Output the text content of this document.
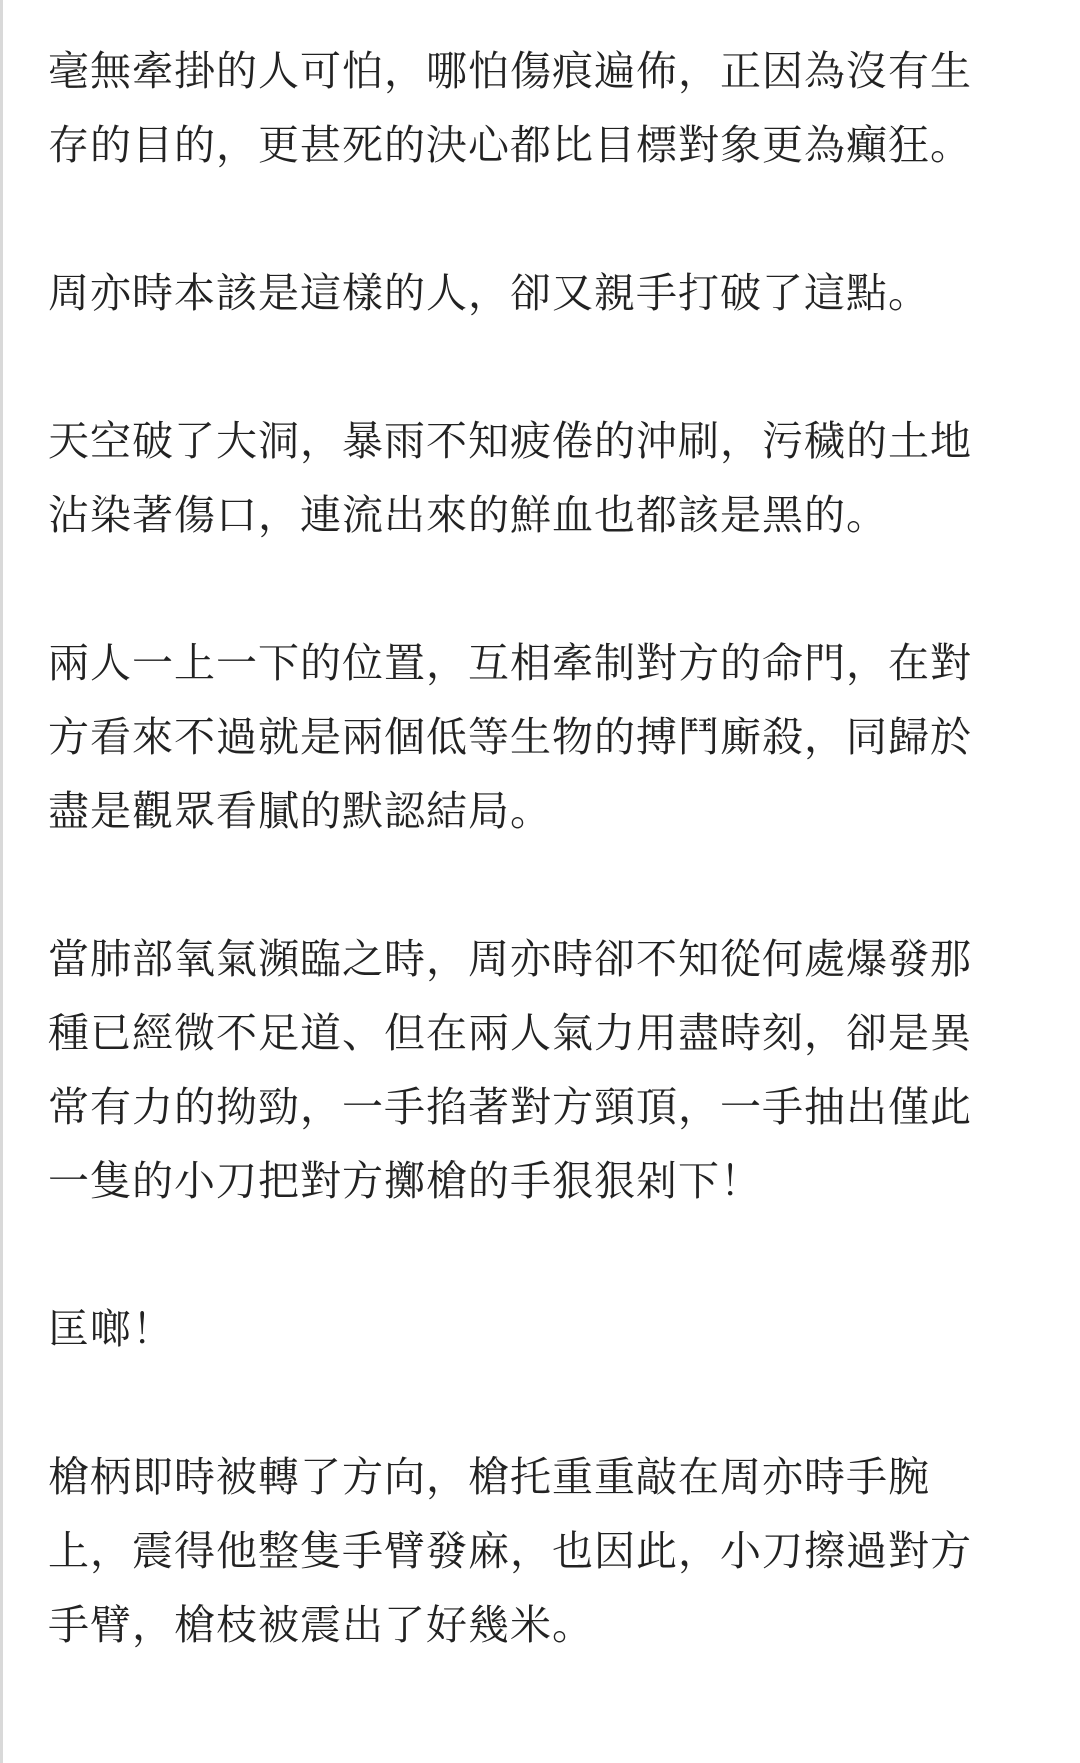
毫無牽掛的人可怕，哪怕傷痕遍佈，正因為沒有生存的目的，更甚死的決心都比目標對象更為癲狂。

周亦時本該是這樣的人，卻又親手打破了這點。

天空破了大洞，暴雨不知疲倦的沖刷，污穢的土地沾染著傷口，連流出來的鮮血也都該是黑的。

兩人一上一下的位置，互相牽制對方的命門，在對方看來不過就是兩個低等生物的搏鬥廝殺，同歸於盡是觀眾看膩的默認結局。

當肺部氧氣瀕臨之時，周亦時卻不知從何處爆發那種已經微不足道、但在兩人氣力用盡時刻，卻是異常有力的拗勁，一手掐著對方頸頂，一手抽出僅此一隻的小刀把對方擲槍的手狠狠剁下！

匡啷！

槍柄即時被轉了方向，槍托重重敲在周亦時手腕上，震得他整隻手臂發麻，也因此，小刀擦過對方手臂，槍枝被震出了好幾米。
